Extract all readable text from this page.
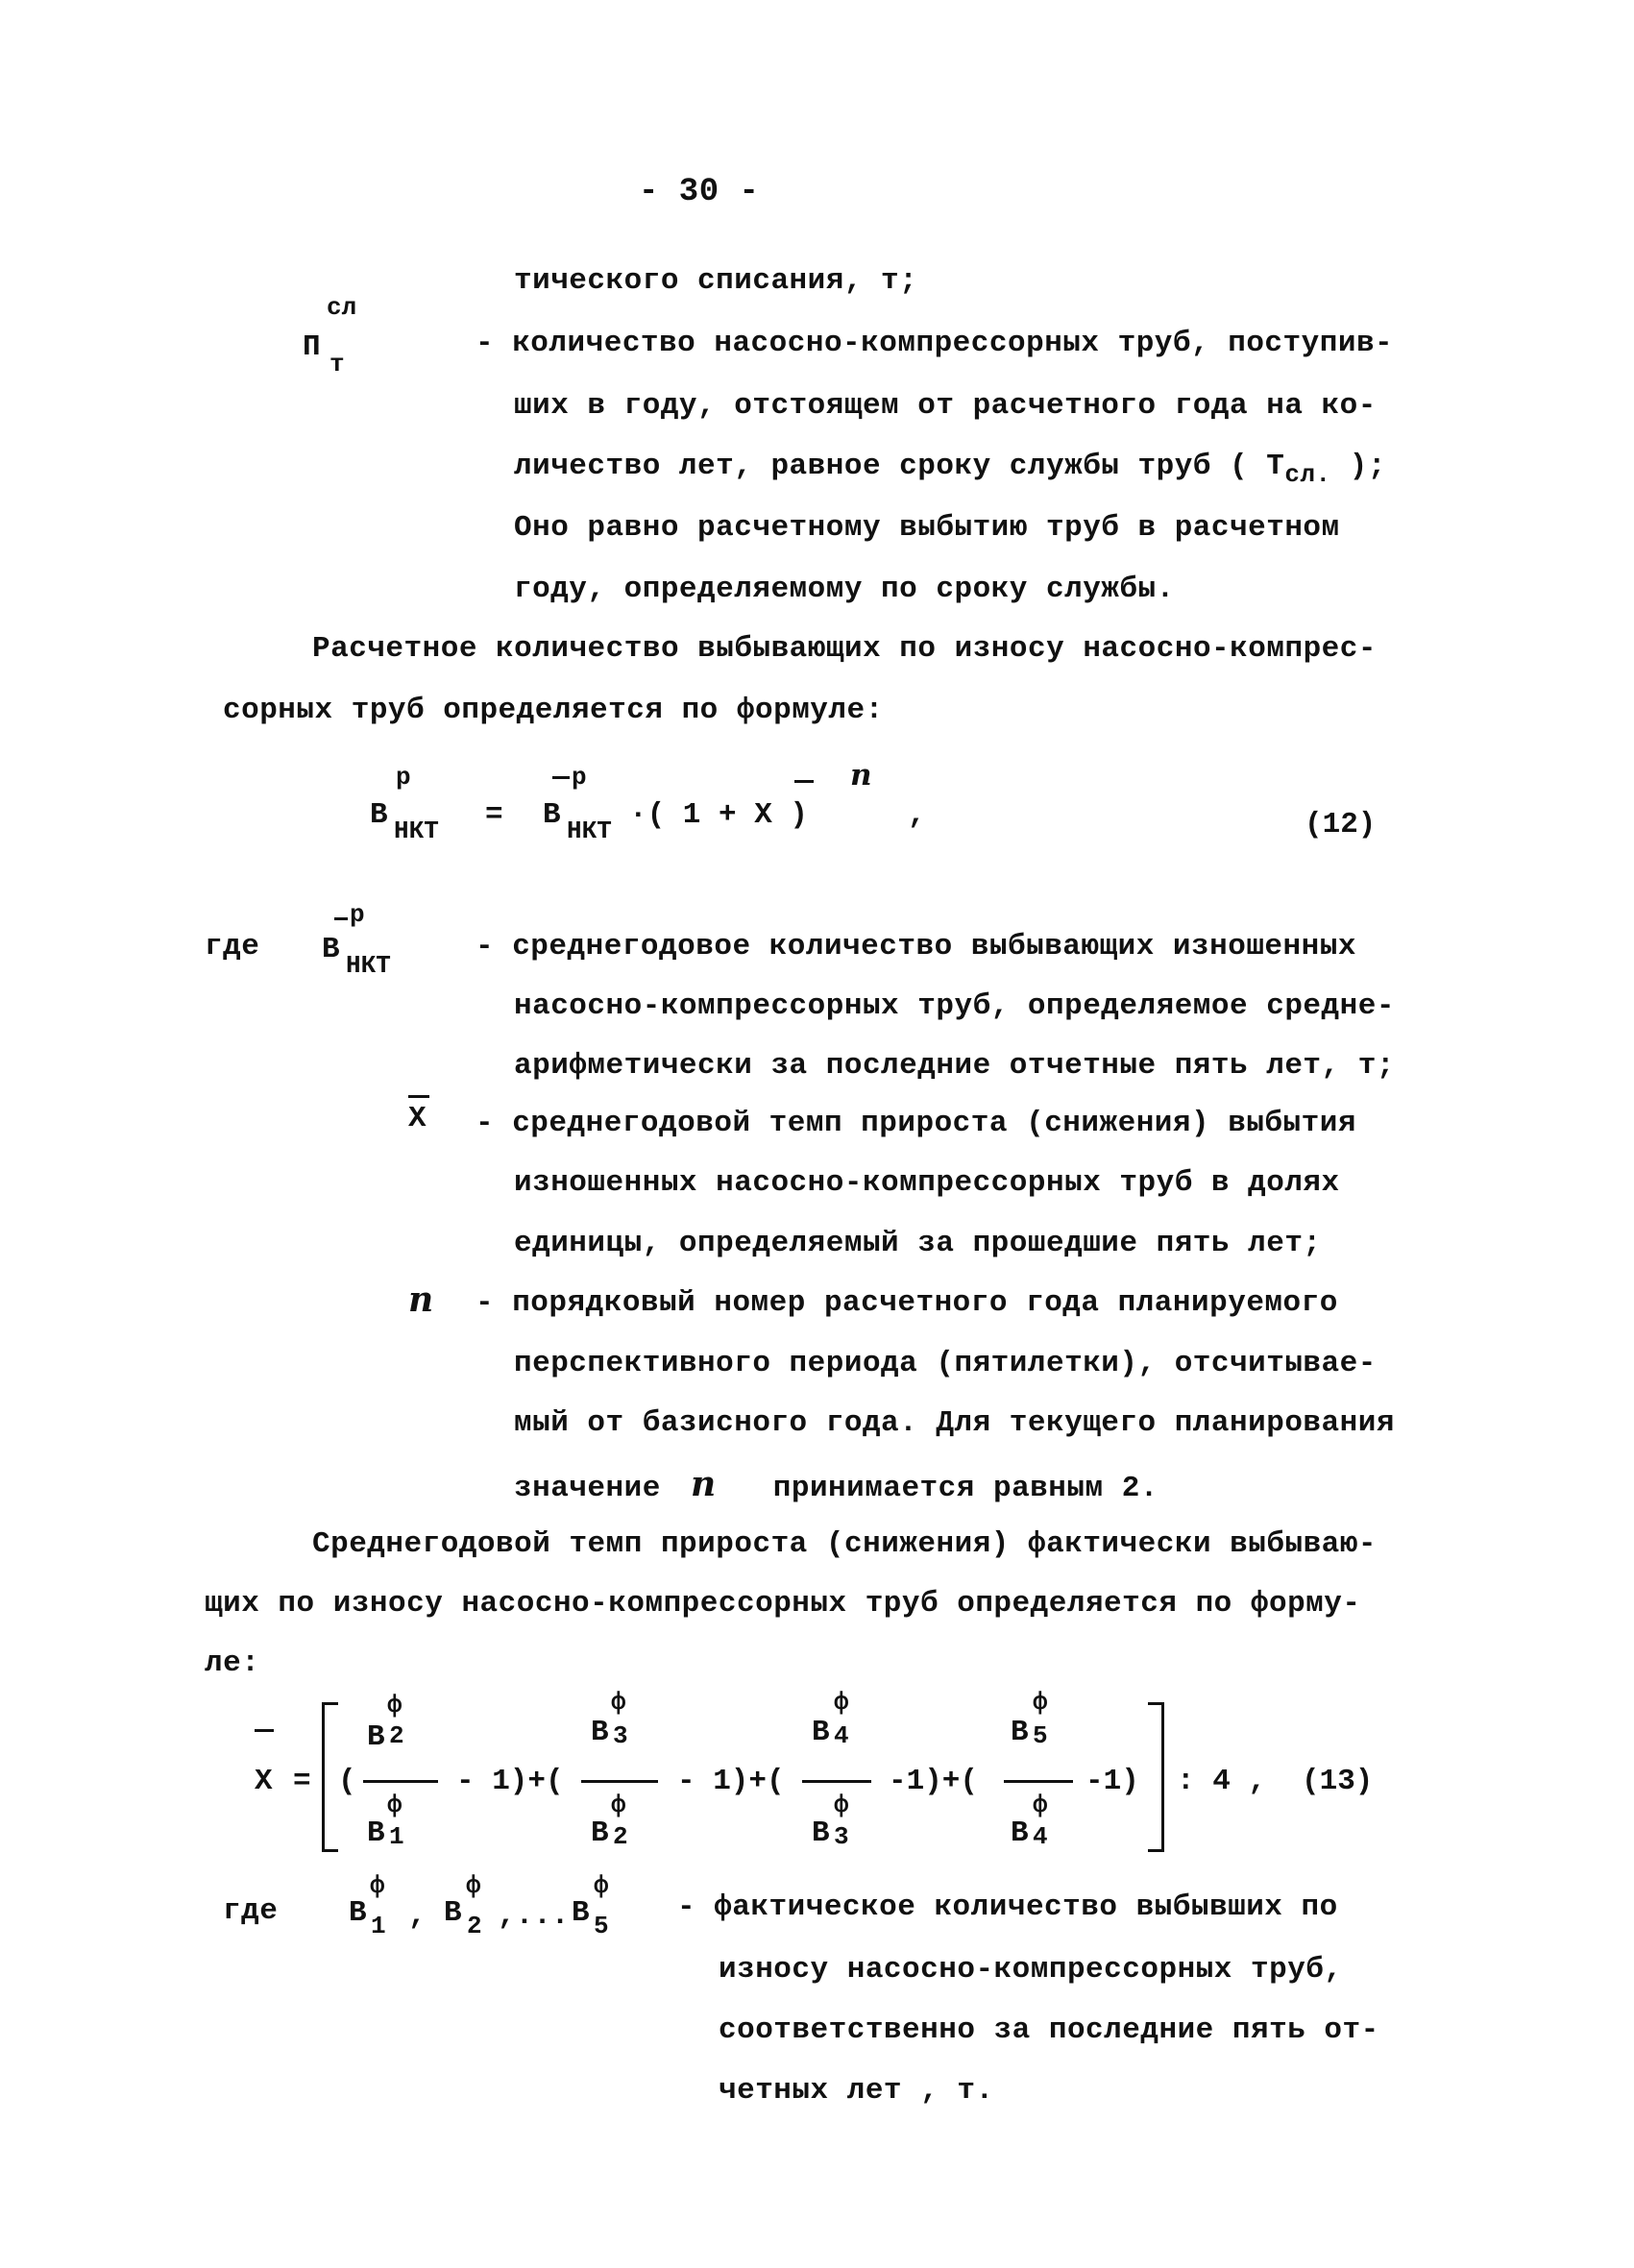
- 30 -
тического списания, т;
сл
П т
- количество насосно-компрессорных труб, поступив-
ших в году, отстоящем от расчетного года на ко-
личество лет, равное сроку службы труб ( $Т_{сл.}$ );
Оно равно расчетному выбытию труб в расчетном
году, определяемому по сроку службы.
Расчетное количество выбывающих по износу насосно-компрес-
сорных труб определяется по формуле:
р
В НКТ =
р
В НКТ ·( 1 + X )
n
,	(12)
где
р
В НКТ
- среднегодовое количество выбывающих изношенных
насосно-компрессорных труб, определяемое средне-
арифметически за последние отчетные пять лет, т;
X - среднегодовой темп прироста (снижения) выбытия
изношенных насосно-компрессорных труб в долях
единицы, определяемый за прошедшие пять лет;
n - порядковый номер расчетного года планируемого
перспективного периода (пятилетки), отсчитывае-
мый от базисного года. Для текущего планирования
значение n принимается равным 2.
Среднегодовой темп прироста (снижения) фактически выбываю-
щих по износу насосно-компрессорных труб определяется по форму-
ле:
X = (
ф
В 2
ф
В 1
- 1)+(
ф
В 3
ф
В 2
- 1)+(
ф
В 4
ф
В 3
-1)+(
ф
В 5
ф
В 4
-1) : 4 , (13)
где
ф
В 1 ,
ф
В 2 ,...
ф
В 5
- фактическое количество выбывших по
износу насосно-компрессорных труб,
соответственно за последние пять от-
четных лет , т.
